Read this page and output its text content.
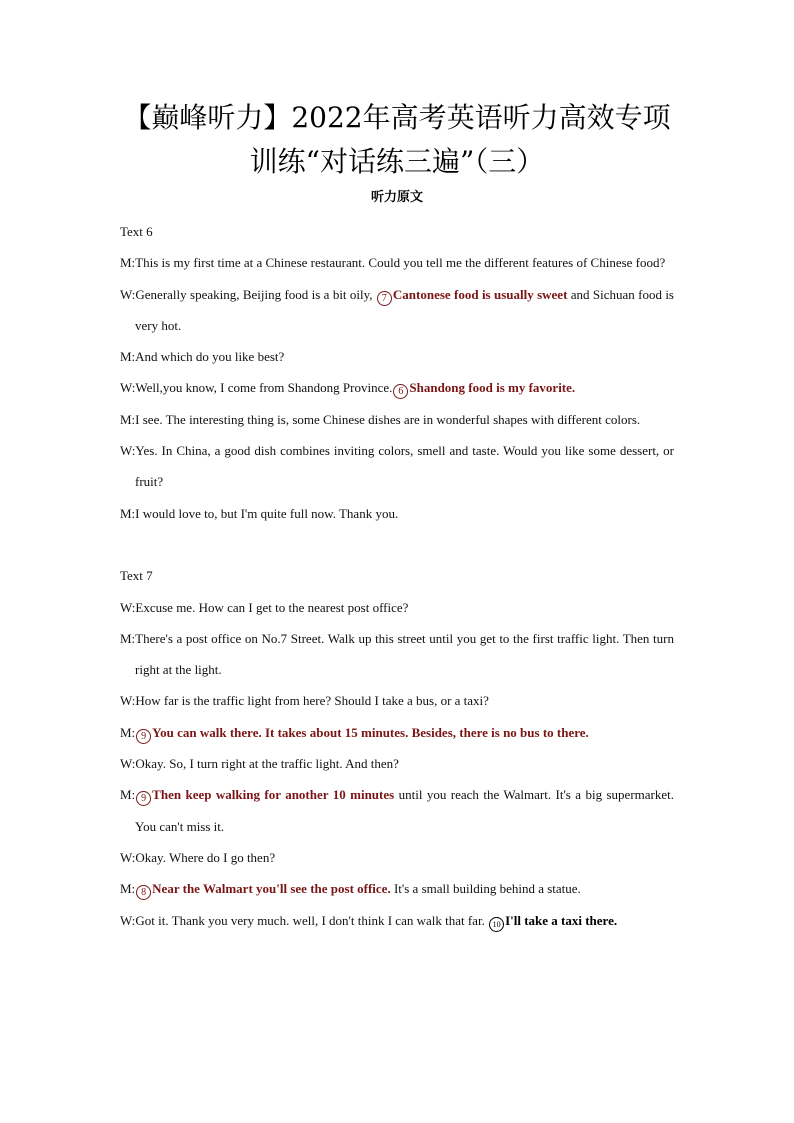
【巅峰听力】2022年高考英语听力高效专项
训练“对话练三遍”（三）
听力原文
Text 6
M:This is my first time at a Chinese restaurant. Could you tell me the different features of Chinese food?
W:Generally speaking, Beijing food is a bit oily, 7 Cantonese food is usually sweet and Sichuan food is very hot.
M:And which do you like best?
W:Well,you know, I come from Shandong Province. 6 Shandong food is my favorite.
M:I see. The interesting thing is, some Chinese dishes are in wonderful shapes with different colors.
W:Yes. In China, a good dish combines inviting colors, smell and taste. Would you like some dessert, or fruit?
M:I would love to, but I'm quite full now. Thank you.
Text 7
W:Excuse me. How can I get to the nearest post office?
M:There's a post office on No.7 Street. Walk up this street until you get to the first traffic light. Then turn right at the light.
W:How far is the traffic light from here? Should I take a bus, or a taxi?
M: 9 You can walk there. It takes about 15 minutes. Besides, there is no bus to there.
W:Okay. So, I turn right at the traffic light. And then?
M: 9 Then keep walking for another 10 minutes until you reach the Walmart. It's a big supermarket. You can't miss it.
W:Okay. Where do I go then?
M: 8 Near the Walmart you'll see the post office. It's a small building behind a statue.
W:Got it. Thank you very much. well, I don't think I can walk that far. 10 I'll take a taxi there.
